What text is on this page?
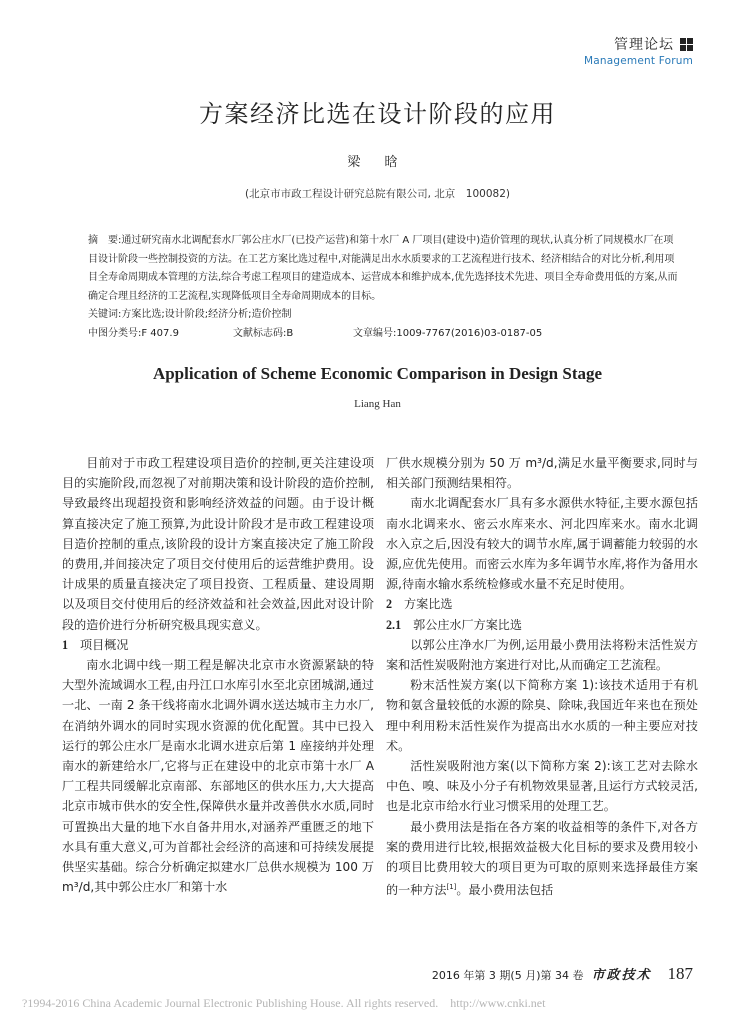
管理论坛
Management Forum
方案经济比选在设计阶段的应用
梁 晗
(北京市市政工程设计研究总院有限公司, 北京　100082)

摘　要:通过研究南水北调配套水厂郭公庄水厂(已投产运营)和第十水厂 A 厂项目(建设中)造价管理的现状,认真分析了同规模水厂在项目设计阶段一些控制投资的方法。在工艺方案比选过程中,对能满足出水水质要求的工艺流程进行技术、经济相结合的对比分析,利用项目全寿命周期成本管理的方法,综合考虑工程项目的建造成本、运营成本和维护成本,优先选择技术先进、项目全寿命费用低的方案,从而确定合理且经济的工艺流程,实现降低项目全寿命周期成本的目标。

关键词:方案比选;设计阶段;经济分析;造价控制

中图分类号:F 407.9	文献标志码:B	文章编号:1009-7767(2016)03-0187-05

Application of Scheme Economic Comparison in Design Stage
Liang Han

目前对于市政工程建设项目造价的控制,更关注建设项目的实施阶段,而忽视了对前期决策和设计阶段的造价控制,导致最终出现超投资和影响经济效益的问题。由于设计概算直接决定了施工预算,为此设计阶段才是市政工程建设项目造价控制的重点,该阶段的设计方案直接决定了施工阶段的费用,并间接决定了项目交付使用后的运营维护费用。设计成果的质量直接决定了项目投资、工程质量、建设周期以及项目交付使用后的经济效益和社会效益,因此对设计阶段的造价进行分析研究极具现实意义。

1 项目概况

南水北调中线一期工程是解决北京市水资源紧缺的特大型外流域调水工程,由丹江口水库引水至北京团城湖,通过一北、一南 2 条干线将南水北调外调水送达城市主力水厂,在消纳外调水的同时实现水资源的优化配置。其中已投入运行的郭公庄水厂是南水北调水进京后第 1 座接纳并处理南水的新建给水厂,它将与正在建设中的北京市第十水厂 A 厂工程共同缓解北京南部、东部地区的供水压力,大大提高北京市城市供水的安全性,保障供水量并改善供水水质,同时可置换出大量的地下水自备井用水,对涵养严重匮乏的地下水具有重大意义,可为首都社会经济的高速和可持续发展提供坚实基础。综合分析确定拟建水厂总供水规模为 100 万 m³/d,其中郭公庄水厂和第十水

厂供水规模分别为 50 万 m³/d,满足水量平衡要求,同时与相关部门预测结果相符。

南水北调配套水厂具有多水源供水特征,主要水源包括南水北调来水、密云水库来水、河北四库来水。南水北调水入京之后,因没有较大的调节水库,属于调蓄能力较弱的水源,应优先使用。而密云水库为多年调节水库,将作为备用水源,待南水输水系统检修或水量不充足时使用。

2 方案比选

2.1 郭公庄水厂方案比选

以郭公庄净水厂为例,运用最小费用法将粉末活性炭方案和活性炭吸附池方案进行对比,从而确定工艺流程。

粉末活性炭方案(以下简称方案 1):该技术适用于有机物和氨含量较低的水源的除臭、除味,我国近年来也在预处理中利用粉末活性炭作为提高出水水质的一种主要应对技术。

活性炭吸附池方案(以下简称方案 2):该工艺对去除水中色、嗅、味及小分子有机物效果显著,且运行方式较灵活,也是北京市给水行业习惯采用的处理工艺。

最小费用法是指在各方案的收益相等的条件下,对各方案的费用进行比较,根据效益极大化目标的要求及费用较小的项目比费用较大的项目更为可取的原则来选择最佳方案的一种方法[1]。最小费用法包括

2016 年第 3 期(5 月)第 34 卷 市政技术 187
?1994-2016 China Academic Journal Electronic Publishing House. All rights reserved.    http://www.cnki.net
